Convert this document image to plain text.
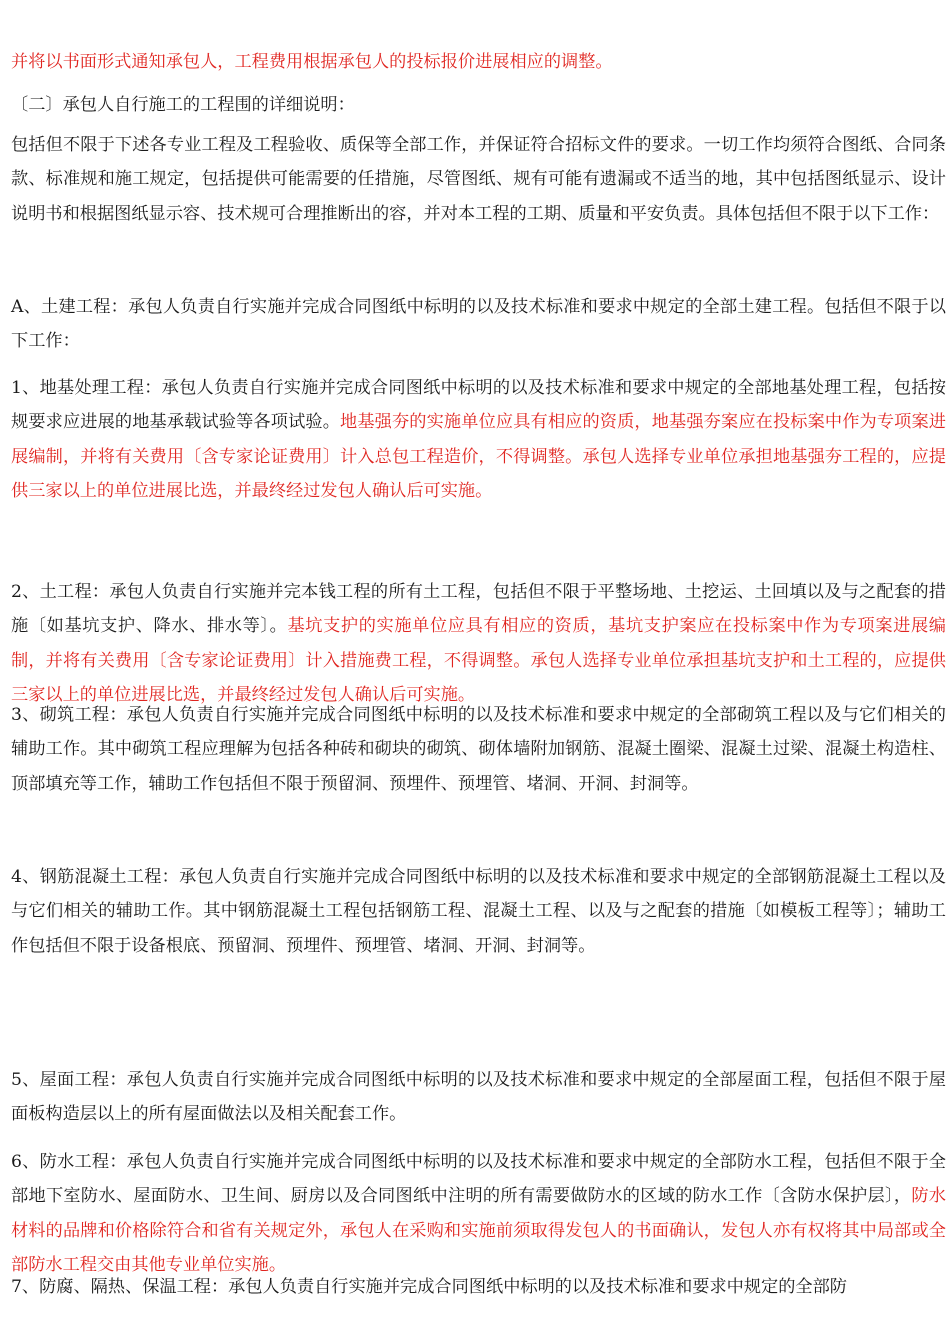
并将以书面形式通知承包人，工程费用根据承包人的投标报价进展相应的调整。

〔二〕承包人自行施工的工程围的详细说明：

包括但不限于下述各专业工程及工程验收、质保等全部工作，并保证符合招标文件的要求。一切工作均须符合图纸、合同条款、标准规和施工规定，包括提供可能需要的任措施，尽管图纸、规有可能有遗漏或不适当的地，其中包括图纸显示、设计说明书和根据图纸显示容、技术规可合理推断出的容，并对本工程的工期、质量和平安负责。具体包括但不限于以下工作：

A、土建工程：承包人负责自行实施并完成合同图纸中标明的以及技术标准和要求中规定的全部土建工程。包括但不限于以下工作：

1、地基处理工程：承包人负责自行实施并完成合同图纸中标明的以及技术标准和要求中规定的全部地基处理工程，包括按规要求应进展的地基承载试验等各项试验。地基强夯的实施单位应具有相应的资质，地基强夯案应在投标案中作为专项案进展编制，并将有关费用〔含专家论证费用〕计入总包工程造价，不得调整。承包人选择专业单位承担地基强夯工程的，应提供三家以上的单位进展比选，并最终经过发包人确认后可实施。

2、土工程：承包人负责自行实施并完本钱工程的所有土工程，包括但不限于平整场地、土挖运、土回填以及与之配套的措施〔如基坑支护、降水、排水等〕。基坑支护的实施单位应具有相应的资质，基坑支护案应在投标案中作为专项案进展编制，并将有关费用〔含专家论证费用〕计入措施费工程，不得调整。承包人选择专业单位承担基坑支护和土工程的，应提供三家以上的单位进展比选，并最终经过发包人确认后可实施。

3、砌筑工程：承包人负责自行实施并完成合同图纸中标明的以及技术标准和要求中规定的全部砌筑工程以及与它们相关的辅助工作。其中砌筑工程应理解为包括各种砖和砌块的砌筑、砌体墙附加钢筋、混凝土圈梁、混凝土过梁、混凝土构造柱、顶部填充等工作，辅助工作包括但不限于预留洞、预埋件、预埋管、堵洞、开洞、封洞等。

4、钢筋混凝土工程：承包人负责自行实施并完成合同图纸中标明的以及技术标准和要求中规定的全部钢筋混凝土工程以及与它们相关的辅助工作。其中钢筋混凝土工程包括钢筋工程、混凝土工程、以及与之配套的措施〔如模板工程等〕；辅助工作包括但不限于设备根底、预留洞、预埋件、预埋管、堵洞、开洞、封洞等。

5、屋面工程：承包人负责自行实施并完成合同图纸中标明的以及技术标准和要求中规定的全部屋面工程，包括但不限于屋面板构造层以上的所有屋面做法以及相关配套工作。

6、防水工程：承包人负责自行实施并完成合同图纸中标明的以及技术标准和要求中规定的全部防水工程，包括但不限于全部地下室防水、屋面防水、卫生间、厨房以及合同图纸中注明的所有需要做防水的区域的防水工作〔含防水保护层〕，防水材料的品牌和价格除符合和省有关规定外，承包人在采购和实施前须取得发包人的书面确认，发包人亦有权将其中局部或全部防水工程交由其他专业单位实施。

7、防腐、隔热、保温工程：承包人负责自行实施并完成合同图纸中标明的以及技术标准和要求中规定的全部防
